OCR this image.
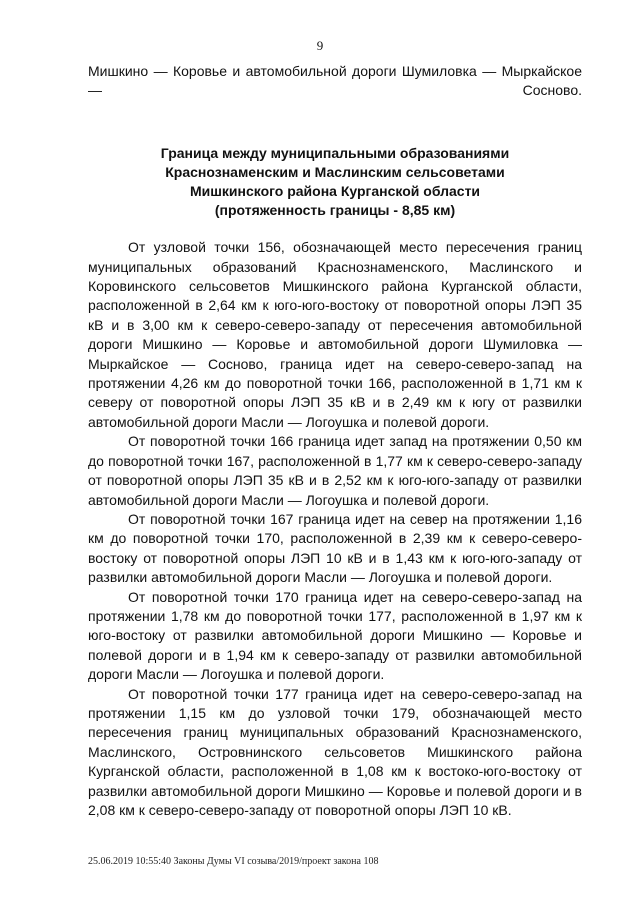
9

Мишкино — Коровье и автомобильной дороги Шумиловка — Мыркайское — Сосново.

Граница между муниципальными образованиями
Краснознаменским и Маслинским сельсоветами
Мишкинского района Курганской области
(протяженность границы - 8,85 км)

От узловой точки 156, обозначающей место пересечения границ муниципальных образований Краснознаменского, Маслинского и Коровинского сельсоветов Мишкинского района Курганской области, расположенной в 2,64 км к юго-юго-востоку от поворотной опоры ЛЭП 35 кВ и в 3,00 км к северо-северо-западу от пересечения автомобильной дороги Мишкино — Коровье и автомобильной дороги Шумиловка — Мыркайское — Сосново, граница идет на северо-северо-запад на протяжении 4,26 км до поворотной точки 166, расположенной в 1,71 км к северу от поворотной опоры ЛЭП 35 кВ и в 2,49 км к югу от развилки автомобильной дороги Масли — Логоушка и полевой дороги.

От поворотной точки 166 граница идет запад на протяжении 0,50 км до поворотной точки 167, расположенной в 1,77 км к северо-северо-западу от поворотной опоры ЛЭП 35 кВ и в 2,52 км к юго-юго-западу от развилки автомобильной дороги Масли — Логоушка и полевой дороги.

От поворотной точки 167 граница идет на север на протяжении 1,16 км до поворотной точки 170, расположенной в 2,39 км к северо-северо-востоку от поворотной опоры ЛЭП 10 кВ и в 1,43 км к юго-юго-западу от развилки автомобильной дороги Масли — Логоушка и полевой дороги.

От поворотной точки 170 граница идет на северо-северо-запад на протяжении 1,78 км до поворотной точки 177, расположенной в 1,97 км к юго-востоку от развилки автомобильной дороги Мишкино — Коровье и полевой дороги и в 1,94 км к северо-западу от развилки автомобильной дороги Масли — Логоушка и полевой дороги.

От поворотной точки 177 граница идет на северо-северо-запад на протяжении 1,15 км до узловой точки 179, обозначающей место пересечения границ муниципальных образований Краснознаменского, Маслинского, Островнинского сельсоветов Мишкинского района Курганской области, расположенной в 1,08 км к востоко-юго-востоку от развилки автомобильной дороги Мишкино — Коровье и полевой дороги и в 2,08 км к северо-северо-западу от поворотной опоры ЛЭП 10 кВ.

25.06.2019 10:55:40 Законы Думы VI созыва/2019/проект закона 108
